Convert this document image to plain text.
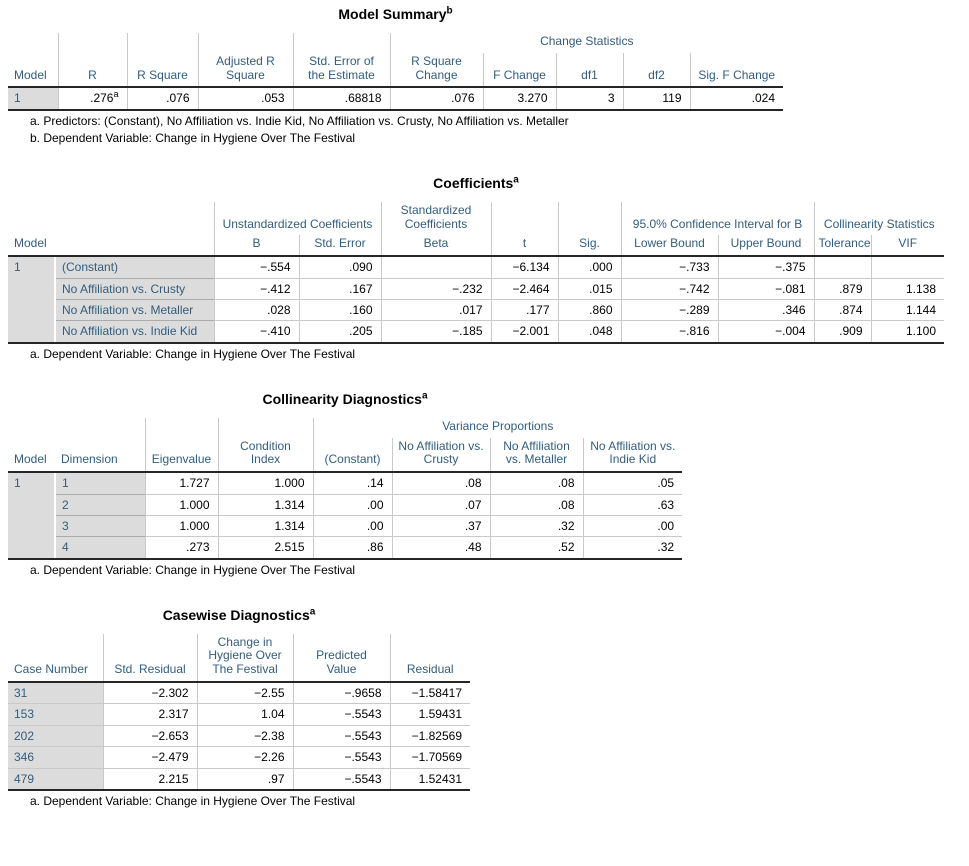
Model Summary$^b$
Model	R	R Square	Adjusted R Square	Std. Error of the Estimate	Change Statistics				
					R Square Change	F Change	df1	df2	Sig. F Change
1	.276$^a$	.076	.053	.68818	.076	3.270	3	119	.024
a. Predictors: (Constant), No Affiliation vs. Indie Kid, No Affiliation vs. Crusty, No Affiliation vs. Metaller
b. Dependent Variable: Change in Hygiene Over The Festival
Coefficients$^a$
Model		Unstandardized Coefficients		Standardized Coefficients	t	Sig.	95.0% Confidence Interval for B		Collinearity Statistics	
		B	Std. Error	Beta			Lower Bound	Upper Bound	Tolerance	VIF
1	(Constant)	−.554	.090		−6.134	.000	−.733	−.375		
	No Affiliation vs. Crusty	−.412	.167	−.232	−2.464	.015	−.742	−.081	.879	1.138
	No Affiliation vs. Metaller	.028	.160	.017	.177	.860	−.289	.346	.874	1.144
	No Affiliation vs. Indie Kid	−.410	.205	−.185	−2.001	.048	−.816	−.004	.909	1.100
a. Dependent Variable: Change in Hygiene Over The Festival
Collinearity Diagnostics$^a$
Model	Dimension	Eigenvalue	Condition Index	Variance Proportions			
				(Constant)	No Affiliation vs. Crusty	No Affiliation vs. Metaller	No Affiliation vs. Indie Kid
1	1	1.727	1.000	.14	.08	.08	.05
	2	1.000	1.314	.00	.07	.08	.63
	3	1.000	1.314	.00	.37	.32	.00
	4	.273	2.515	.86	.48	.52	.32
a. Dependent Variable: Change in Hygiene Over The Festival
Casewise Diagnostics$^a$
Case Number	Std. Residual	Change in Hygiene Over The Festival	Predicted Value	Residual
31	−2.302	−2.55	−.9658	−1.58417
153	2.317	1.04	−.5543	1.59431
202	−2.653	−2.38	−.5543	−1.82569
346	−2.479	−2.26	−.5543	−1.70569
479	2.215	.97	−.5543	1.52431
a. Dependent Variable: Change in Hygiene Over The Festival
